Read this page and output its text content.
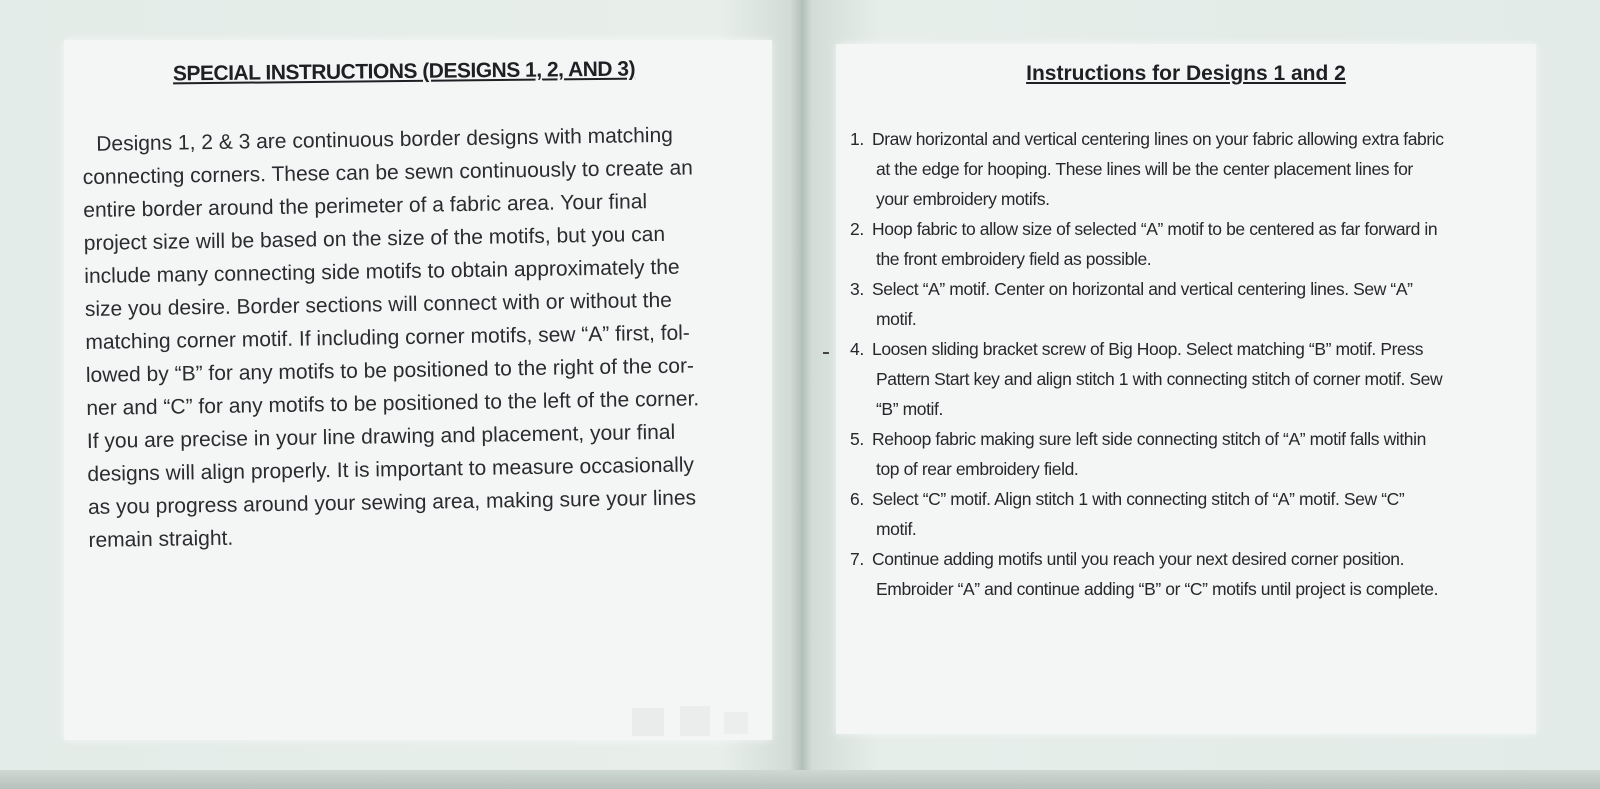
SPECIAL INSTRUCTIONS (DESIGNS 1, 2, AND 3)
Designs 1, 2 & 3 are continuous border designs with matching
connecting corners. These can be sewn continuously to create an
entire border around the perimeter of a fabric area. Your final
project size will be based on the size of the motifs, but you can
include many connecting side motifs to obtain approximately the
size you desire. Border sections will connect with or without the
matching corner motif. If including corner motifs, sew “A” first, fol-
lowed by “B” for any motifs to be positioned to the right of the cor-
ner and “C” for any motifs to be positioned to the left of the corner.
If you are precise in your line drawing and placement, your final
designs will align properly. It is important to measure occasionally
as you progress around your sewing area, making sure your lines
remain straight.
Instructions for Designs 1 and 2
1. Draw horizontal and vertical centering lines on your fabric allowing extra fabric
at the edge for hooping. These lines will be the center placement lines for
your embroidery motifs.
2. Hoop fabric to allow size of selected “A” motif to be centered as far forward in
the front embroidery field as possible.
3. Select “A” motif. Center on horizontal and vertical centering lines. Sew “A”
motif.
4. Loosen sliding bracket screw of Big Hoop. Select matching “B” motif. Press
Pattern Start key and align stitch 1 with connecting stitch of corner motif. Sew
“B” motif.
5. Rehoop fabric making sure left side connecting stitch of “A” motif falls within
top of rear embroidery field.
6. Select “C” motif. Align stitch 1 with connecting stitch of “A” motif. Sew “C”
motif.
7. Continue adding motifs until you reach your next desired corner position.
Embroider “A” and continue adding “B” or “C” motifs until project is complete.
